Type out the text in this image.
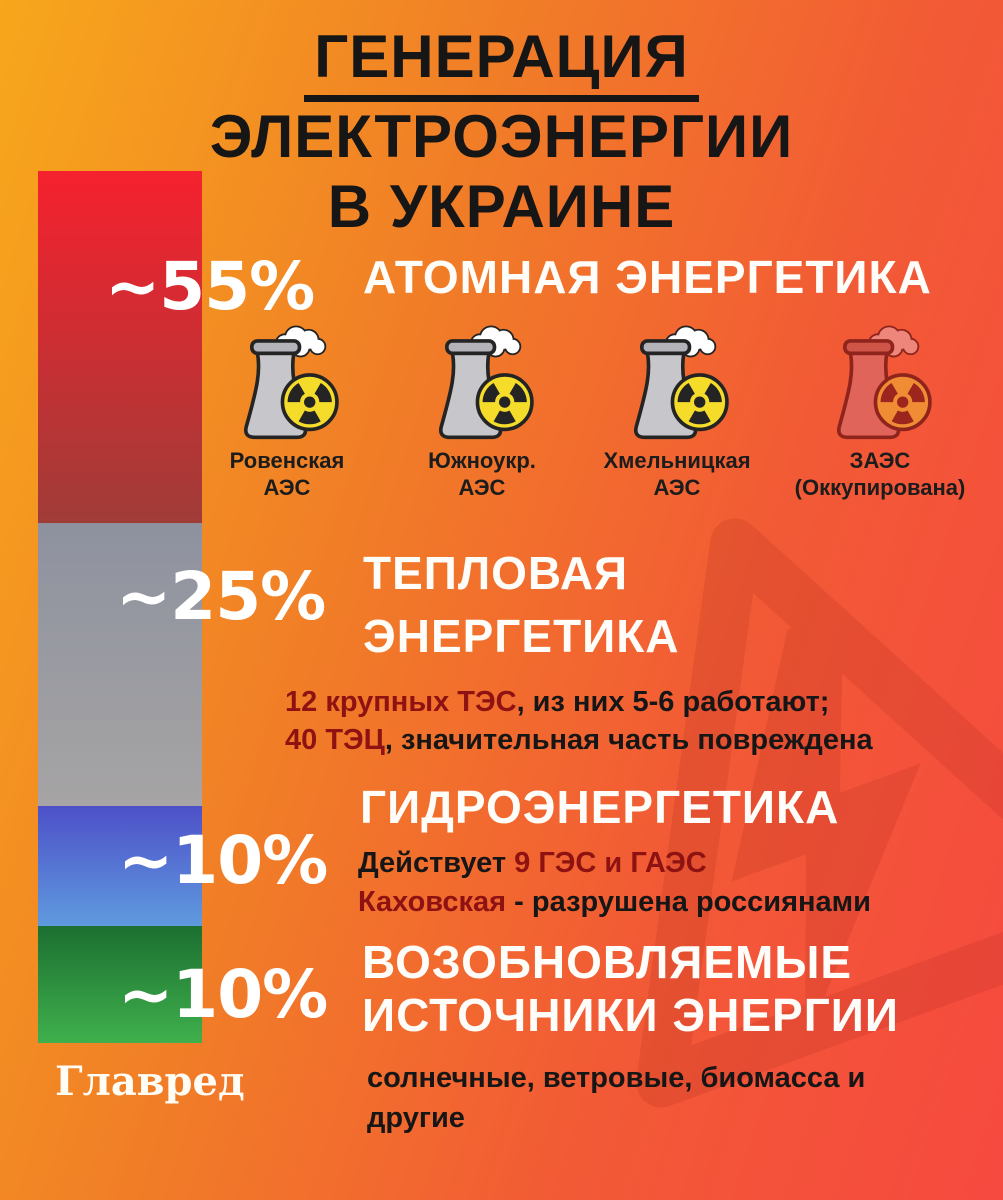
ГЕНЕРАЦИЯ
ЭЛЕКТРОЭНЕРГИИ
В УКРАИНЕ
~55%
~25%
~10%
~10%
АТОМНАЯ ЭНЕРГЕТИКА
ТЕПЛОВАЯ
ЭНЕРГЕТИКА
ГИДРОЭНЕРГЕТИКА
ВОЗОБНОВЛЯЕМЫЕ
ИСТОЧНИКИ ЭНЕРГИИ
Ровенская
АЭС
Южноукр.
АЭС
Хмельницкая
АЭС
ЗАЭС
(Оккупирована)
12 крупных ТЭС, из них 5-6 работают;
40 ТЭЦ, значительная часть повреждена
Действует 9 ГЭС и ГАЭС
Каховская - разрушена россиянами
солнечные, ветровые, биомасса и
другие
Главред
